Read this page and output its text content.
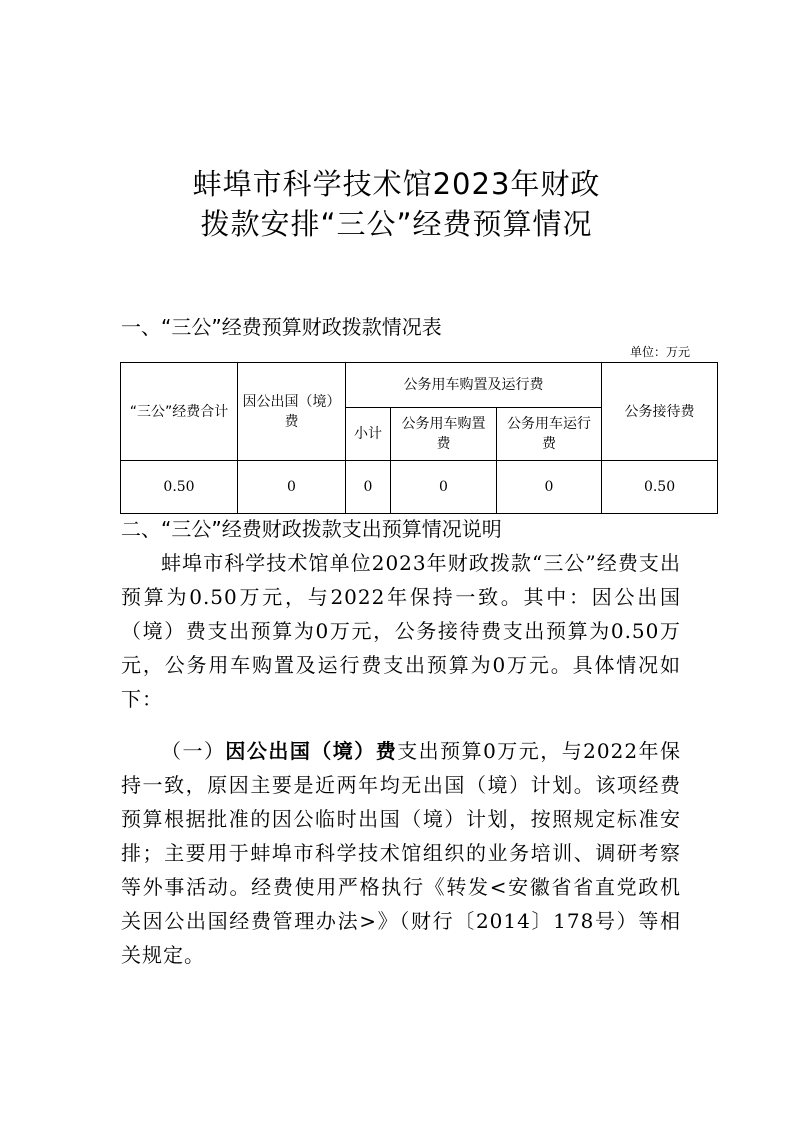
蚌埠市科学技术馆2023年财政
拨款安排“三公”经费预算情况
一、“三公”经费预算财政拨款情况表
单位：万元
“三公”经费合计	因公出国（境）费	公务用车购置及运行费			公务接待费
		小计	公务用车购置费	公务用车运行费	
0.50	0	0	0	0	0.50
二、“三公”经费财政拨款支出预算情况说明

蚌埠市科学技术馆单位2023年财政拨款“三公”经费支出预算为0.50万元，与2022年保持一致。其中：因公出国（境）费支出预算为0万元，公务接待费支出预算为0.50万元，公务用车购置及运行费支出预算为0万元。具体情况如下：

（一）因公出国（境）费支出预算0万元，与2022年保持一致，原因主要是近两年均无出国（境）计划。该项经费预算根据批准的因公临时出国（境）计划，按照规定标准安排；主要用于蚌埠市科学技术馆组织的业务培训、调研考察等外事活动。经费使用严格执行《转发<安徽省省直党政机关因公出国经费管理办法>》（财行〔2014〕178号）等相关规定。
